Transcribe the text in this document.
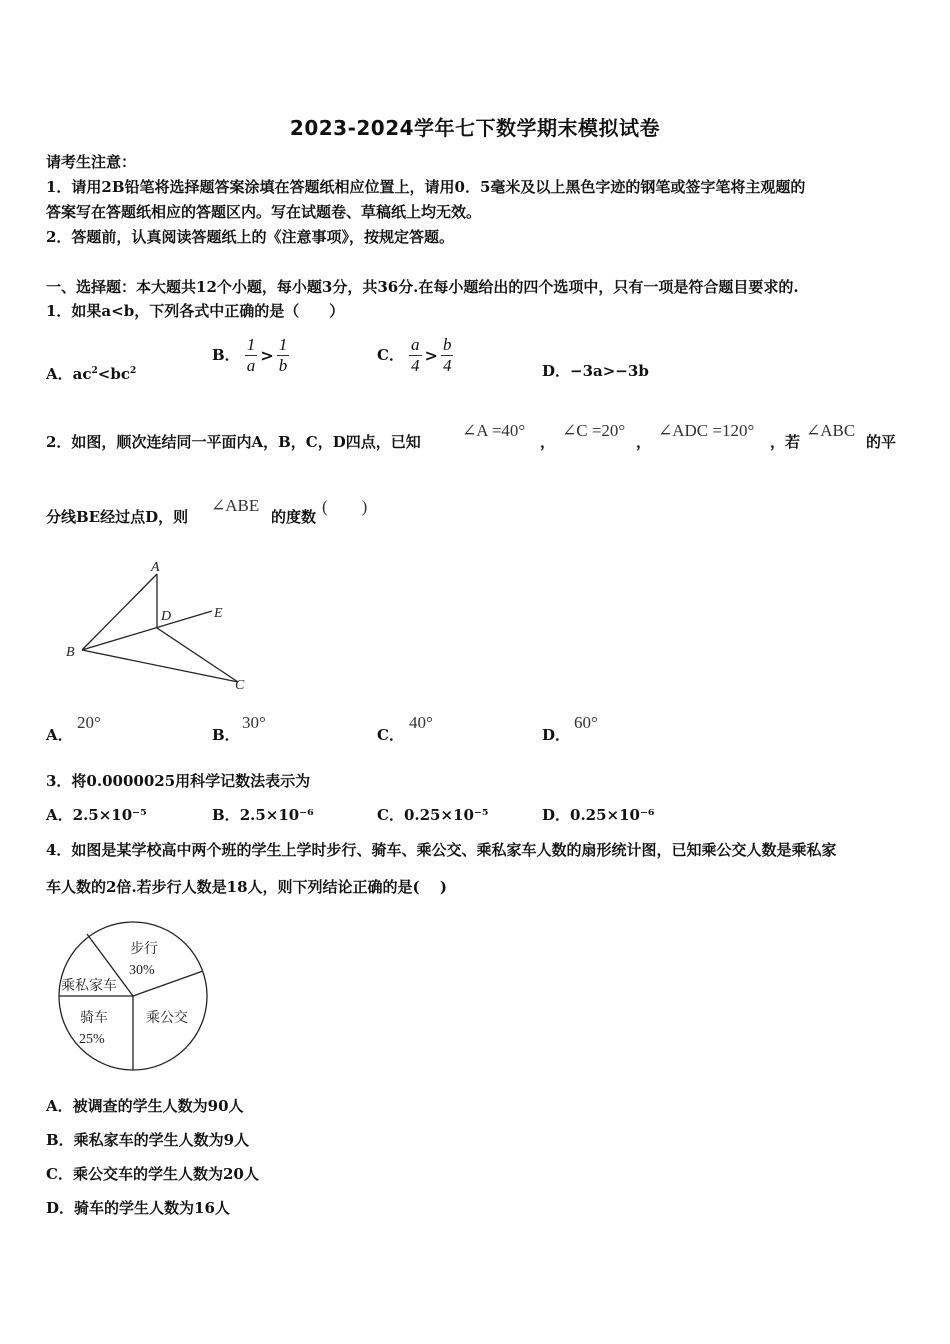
2023-2024学年七下数学期末模拟试卷
请考生注意：
1．请用2B铅笔将选择题答案涂填在答题纸相应位置上，请用0．5毫米及以上黑色字迹的钢笔或签字笔将主观题的
答案写在答题纸相应的答题区内。写在试题卷、草稿纸上均无效。
2．答题前，认真阅读答题纸上的《注意事项》，按规定答题。
一、选择题：本大题共12个小题，每小题3分，共36分.在每小题给出的四个选项中，只有一项是符合题目要求的.
1．如果a<b，下列各式中正确的是（　　）
A．$ac^2<bc^2$
B． $\frac{1}{a} > \frac{1}{b}$	C． $\frac{a}{4} > \frac{b}{4}$	D．−3a>−3b
2．如图，顺次连结同一平面内A，B，C，D四点，已知
∠A =40°
，
∠C =20°
，
∠ADC =120°
，若
∠ABC
的平
分线BE经过点D，则
∠ABE
的度数
(　　)
A
B
C
D	E
A．
20°
B．
30°
C．
40°
D．
60°
3．将0.0000025用科学记数法表示为
A．2.5×10⁻⁵	B．2.5×10⁻⁶	C．0.25×10⁻⁵	D．0.25×10⁻⁶
4．如图是某学校高中两个班的学生上学时步行、骑车、乘公交、乘私家车人数的扇形统计图，已知乘公交人数是乘私家
车人数的2倍.若步行人数是18人，则下列结论正确的是(　 )
步行
30%
乘私家车
骑车
25%
乘公交
A．被调查的学生人数为90人
B．乘私家车的学生人数为9人
C．乘公交车的学生人数为20人
D．骑车的学生人数为16人
